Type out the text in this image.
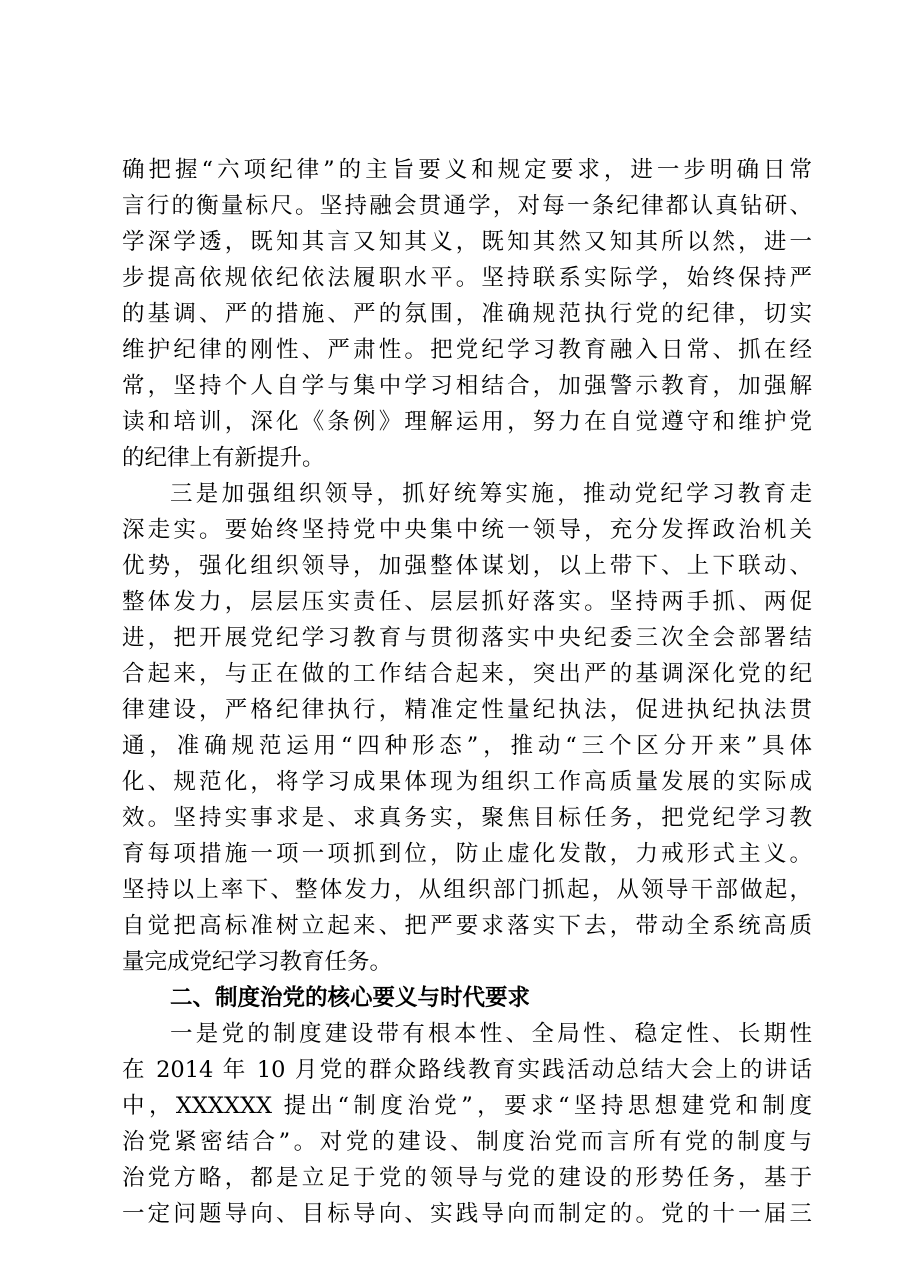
确把握“六项纪律”的主旨要义和规定要求，进一步明确日常
言行的衡量标尺。坚持融会贯通学，对每一条纪律都认真钻研、
学深学透，既知其言又知其义，既知其然又知其所以然，进一
步提高依规依纪依法履职水平。坚持联系实际学，始终保持严
的基调、严的措施、严的氛围，准确规范执行党的纪律，切实
维护纪律的刚性、严肃性。把党纪学习教育融入日常、抓在经
常，坚持个人自学与集中学习相结合，加强警示教育，加强解
读和培训，深化《条例》理解运用，努力在自觉遵守和维护党
的纪律上有新提升。
三是加强组织领导，抓好统筹实施，推动党纪学习教育走
深走实。要始终坚持党中央集中统一领导，充分发挥政治机关
优势，强化组织领导，加强整体谋划，以上带下、上下联动、
整体发力，层层压实责任、层层抓好落实。坚持两手抓、两促
进，把开展党纪学习教育与贯彻落实中央纪委三次全会部署结
合起来，与正在做的工作结合起来，突出严的基调深化党的纪
律建设，严格纪律执行，精准定性量纪执法，促进执纪执法贯
通，准确规范运用“四种形态”，推动“三个区分开来”具体
化、规范化，将学习成果体现为组织工作高质量发展的实际成
效。坚持实事求是、求真务实，聚焦目标任务，把党纪学习教
育每项措施一项一项抓到位，防止虚化发散，力戒形式主义。
坚持以上率下、整体发力，从组织部门抓起，从领导干部做起，
自觉把高标准树立起来、把严要求落实下去，带动全系统高质
量完成党纪学习教育任务。
二、制度治党的核心要义与时代要求
一是党的制度建设带有根本性、全局性、稳定性、长期性
在 2014 年 10 月党的群众路线教育实践活动总结大会上的讲话
中，XXXXXX 提出“制度治党”，要求“坚持思想建党和制度
治党紧密结合”。对党的建设、制度治党而言所有党的制度与
治党方略，都是立足于党的领导与党的建设的形势任务，基于
一定问题导向、目标导向、实践导向而制定的。党的十一届三
